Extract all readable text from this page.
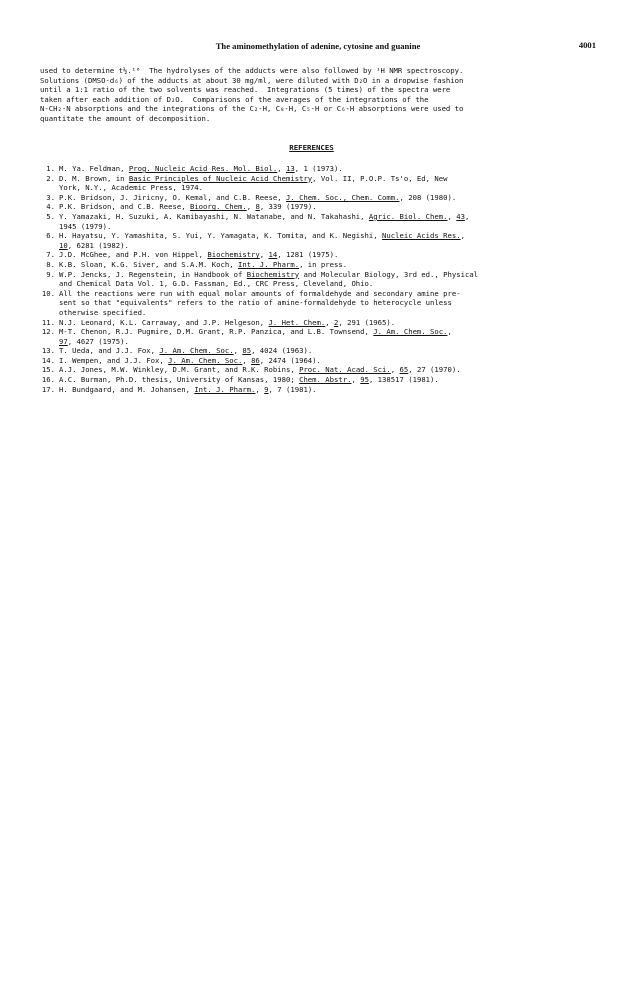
The aminomethylation of adenine, cytosine and guanine	4001
used to determine t½.¹⁶  The hydrolyses of the adducts were also followed by ¹H NMR spectroscopy.
Solutions (DMSO-d₆) of the adducts at about 30 mg/ml, were diluted with D₂O in a dropwise fashion
until a 1:1 ratio of the two solvents was reached.  Integrations (5 times) of the spectra were
taken after each addition of D₂O.  Comparisons of the averages of the integrations of the
N-CH₂-N absorptions and the integrations of the C₂-H, C₈-H, C₅-H or C₆-H absorptions were used to
quantitate the amount of decomposition.
REFERENCES
1. M. Ya. Feldman, Prog. Nucleic Acid Res. Mol. Biol., 13, 1 (1973).
2. D. M. Brown, in Basic Principles of Nucleic Acid Chemistry, Vol. II, P.O.P. Ts'o, Ed, New
York, N.Y., Academic Press, 1974.
3. P.K. Bridson, J. Jiricny, O. Kemal, and C.B. Reese, J. Chem. Soc., Chem. Comm., 208 (1980).
4. P.K. Bridson, and C.B. Reese, Bioorg. Chem., 8, 339 (1979).
5. Y. Yamazaki, H. Suzuki, A. Kamibayashi, N. Watanabe, and N. Takahashi, Agric. Biol. Chem., 43,
1945 (1979).
6. H. Hayatsu, Y. Yamashita, S. Yui, Y. Yamagata, K. Tomita, and K. Negishi, Nucleic Acids Res.,
10, 6281 (1982).
7. J.D. McGhee, and P.H. von Hippel, Biochemistry, 14, 1281 (1975).
8. K.B. Sloan, K.G. Siver, and S.A.M. Koch, Int. J. Pharm., in press.
9. W.P. Jencks, J. Regenstein, in Handbook of Biochemistry and Molecular Biology, 3rd ed., Physical
and Chemical Data Vol. 1, G.D. Fassman, Ed., CRC Press, Cleveland, Ohio.
10. All the reactions were run with equal molar amounts of formaldehyde and secondary amine pre-
sent so that "equivalents" refers to the ratio of amine-formaldehyde to heterocycle unless
otherwise specified.
11. N.J. Leonard, K.L. Carraway, and J.P. Helgeson, J. Het. Chem., 2, 291 (1965).
12. M-T. Chenon, R.J. Pugmire, D.M. Grant, R.P. Panzica, and L.B. Townsend, J. Am. Chem. Soc.,
97, 4627 (1975).
13. T. Ueda, and J.J. Fox, J. Am. Chem. Soc., 85, 4024 (1963).
14. I. Wempen, and J.J. Fox, J. Am. Chem. Soc., 86, 2474 (1964).
15. A.J. Jones, M.W. Winkley, D.M. Grant, and R.K. Robins, Proc. Nat. Acad. Sci., 65, 27 (1970).
16. A.C. Burman, Ph.D. thesis, University of Kansas, 1980; Chem. Abstr., 95, 138517 (1981).
17. H. Bundgaard, and M. Johansen, Int. J. Pharm., 9, 7 (1981).
